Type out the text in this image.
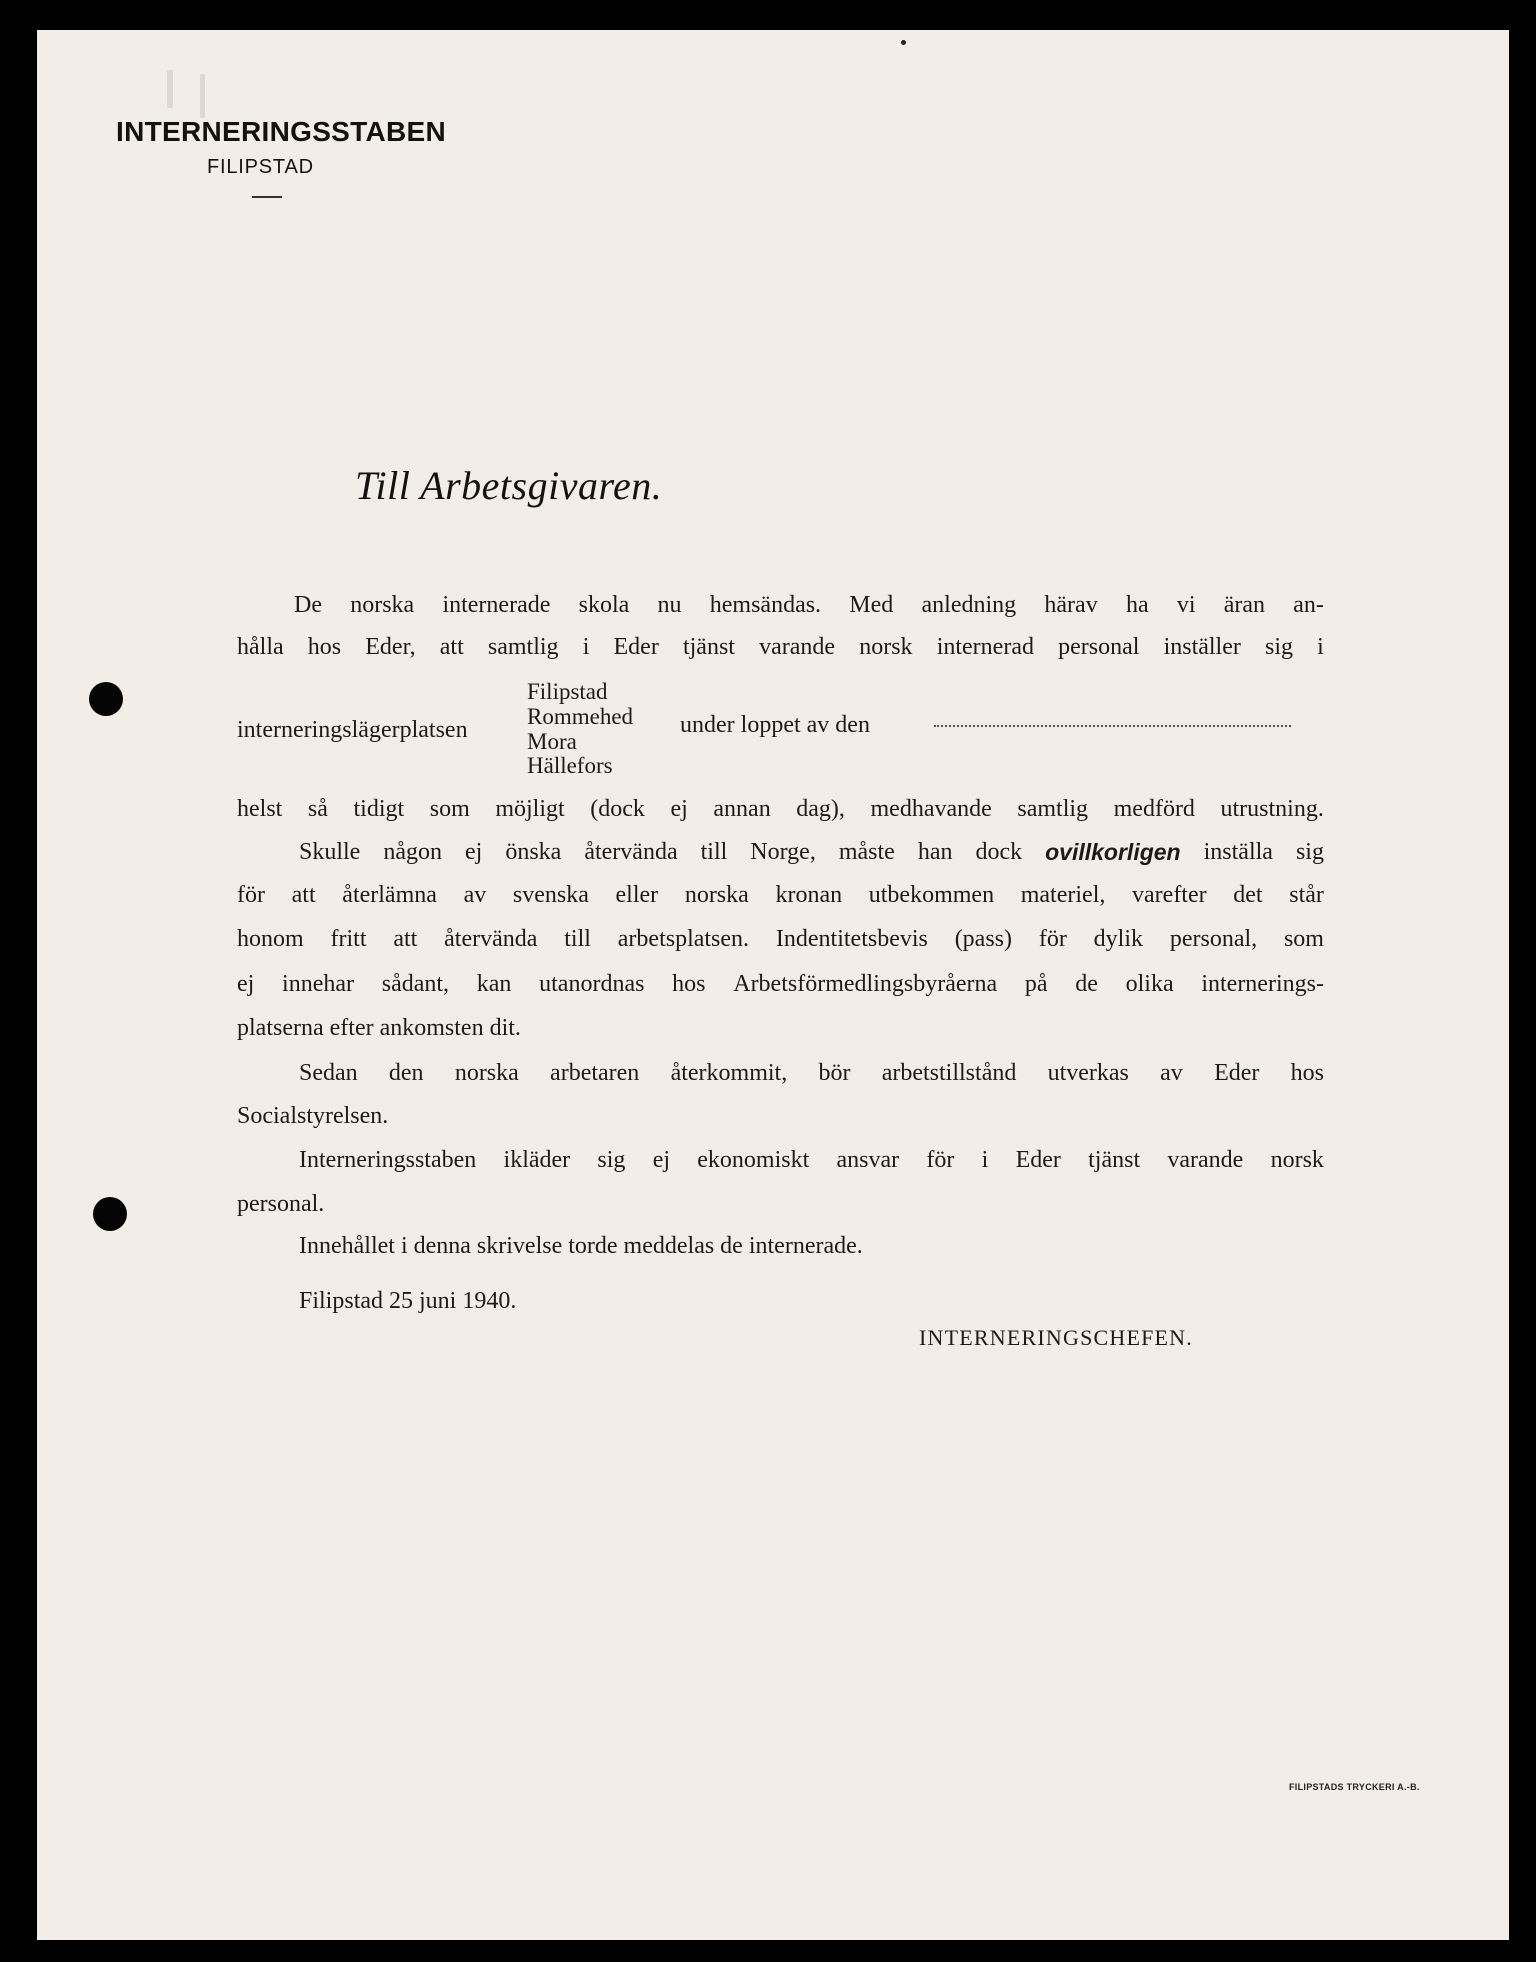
INTERNERINGSSTABEN
FILIPSTAD
Till Arbetsgivaren.
De norska internerade skola nu hemsändas. Med anledning härav ha vi äran an-
hålla hos Eder, att samtlig i Eder tjänst varande norsk internerad personal inställer sig i
interneringslägerplatsen
Filipstad
Rommehed
Mora
Hällefors
under loppet av den
helst så tidigt som möjligt (dock ej annan dag), medhavande samtlig medförd utrustning.
Skulle någon ej önska återvända till Norge, måste han dock ovillkorligen inställa sig
för att återlämna av svenska eller norska kronan utbekommen materiel, varefter det står
honom fritt att återvända till arbetsplatsen. Indentitetsbevis (pass) för dylik personal, som
ej innehar sådant, kan utanordnas hos Arbetsförmedlingsbyråerna på de olika internerings-
platserna efter ankomsten dit.
Sedan den norska arbetaren återkommit, bör arbetstillstånd utverkas av Eder hos
Socialstyrelsen.
Interneringsstaben ikläder sig ej ekonomiskt ansvar för i Eder tjänst varande norsk
personal.
Innehållet i denna skrivelse torde meddelas de internerade.
Filipstad 25 juni 1940.
INTERNERINGSCHEFEN.
FILIPSTADS TRYCKERI A.-B.
